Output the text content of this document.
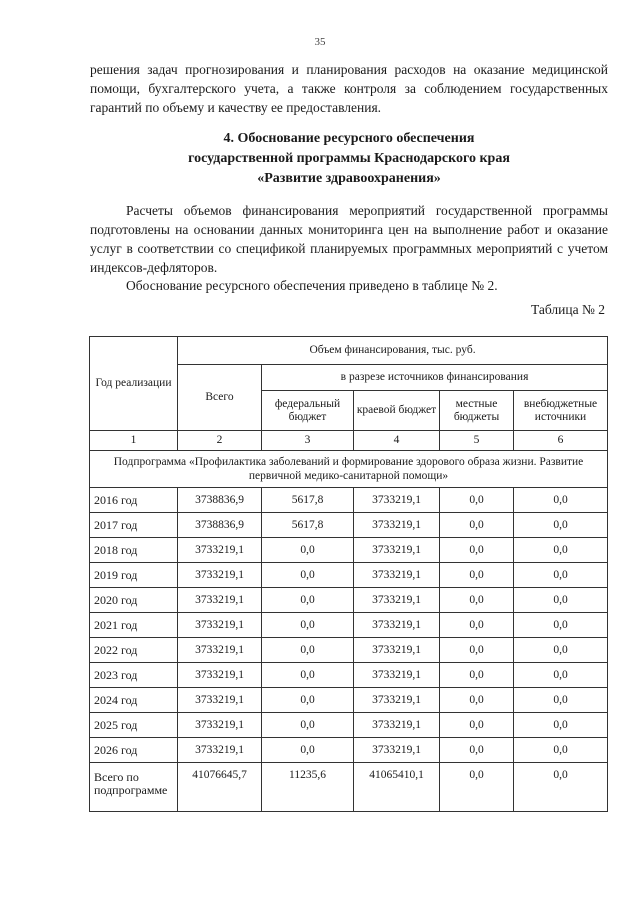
35

решения задач прогнозирования и планирования расходов на оказание медицинской помощи, бухгалтерского учета, а также контроля за соблюдением государственных гарантий по объему и качеству ее предоставления.

4. Обоснование ресурсного обеспечения
государственной программы Краснодарского края
«Развитие здравоохранения»

Расчеты объемов финансирования мероприятий государственной программы подготовлены на основании данных мониторинга цен на выполнение работ и оказание услуг в соответствии со спецификой планируемых программных мероприятий с учетом индексов-дефляторов.

Обоснование ресурсного обеспечения приведено в таблице № 2.

Таблица № 2
Год реализации	Объем финансирования, тыс. руб.				
	Всего	в разрезе источников финансирования			
		федеральный бюджет	краевой бюджет	местные бюджеты	внебюджетные источники
1	2	3	4	5	6
Подпрограмма «Профилактика заболеваний и формирование здорового образа жизни. Развитие первичной медико-санитарной помощи»					
2016 год	3738836,9	5617,8	3733219,1	0,0	0,0
2017 год	3738836,9	5617,8	3733219,1	0,0	0,0
2018 год	3733219,1	0,0	3733219,1	0,0	0,0
2019 год	3733219,1	0,0	3733219,1	0,0	0,0
2020 год	3733219,1	0,0	3733219,1	0,0	0,0
2021 год	3733219,1	0,0	3733219,1	0,0	0,0
2022 год	3733219,1	0,0	3733219,1	0,0	0,0
2023 год	3733219,1	0,0	3733219,1	0,0	0,0
2024 год	3733219,1	0,0	3733219,1	0,0	0,0
2025 год	3733219,1	0,0	3733219,1	0,0	0,0
2026 год	3733219,1	0,0	3733219,1	0,0	0,0
Всего по подпрограмме	41076645,7	11235,6	41065410,1	0,0	0,0
